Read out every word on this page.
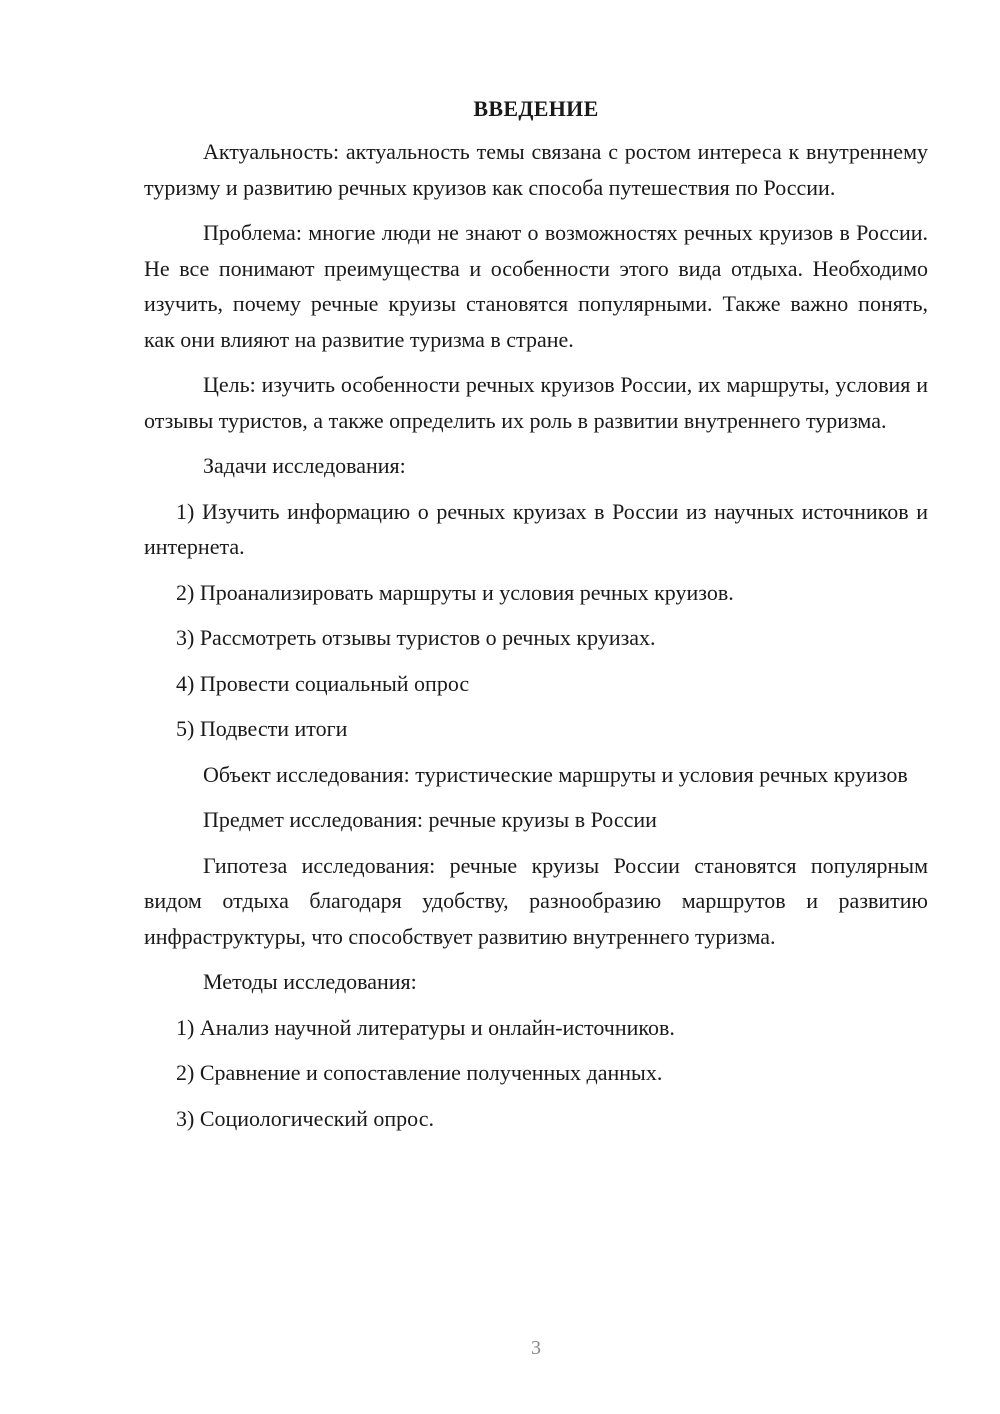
ВВЕДЕНИЕ

Актуальность: актуальность темы связана с ростом интереса к внутреннему туризму и развитию речных круизов как способа путешествия по России.

Проблема: многие люди не знают о возможностях речных круизов в России. Не все понимают преимущества и особенности этого вида отдыха. Необходимо изучить, почему речные круизы становятся популярными. Также важно понять, как они влияют на развитие туризма в стране.

Цель: изучить особенности речных круизов России, их маршруты, условия и отзывы туристов, а также определить их роль в развитии внутреннего туризма.

Задачи исследования:

1) Изучить информацию о речных круизах в России из научных источников и интернета.

2) Проанализировать маршруты и условия речных круизов.

3) Рассмотреть отзывы туристов о речных круизах.

4) Провести социальный опрос

5) Подвести итоги

Объект исследования: туристические маршруты и условия речных круизов

Предмет исследования: речные круизы в России

Гипотеза исследования: речные круизы России становятся популярным видом отдыха благодаря удобству, разнообразию маршрутов и развитию инфраструктуры, что способствует развитию внутреннего туризма.

Методы исследования:

1) Анализ научной литературы и онлайн-источников.

2) Сравнение и сопоставление полученных данных.

3) Социологический опрос.

3
